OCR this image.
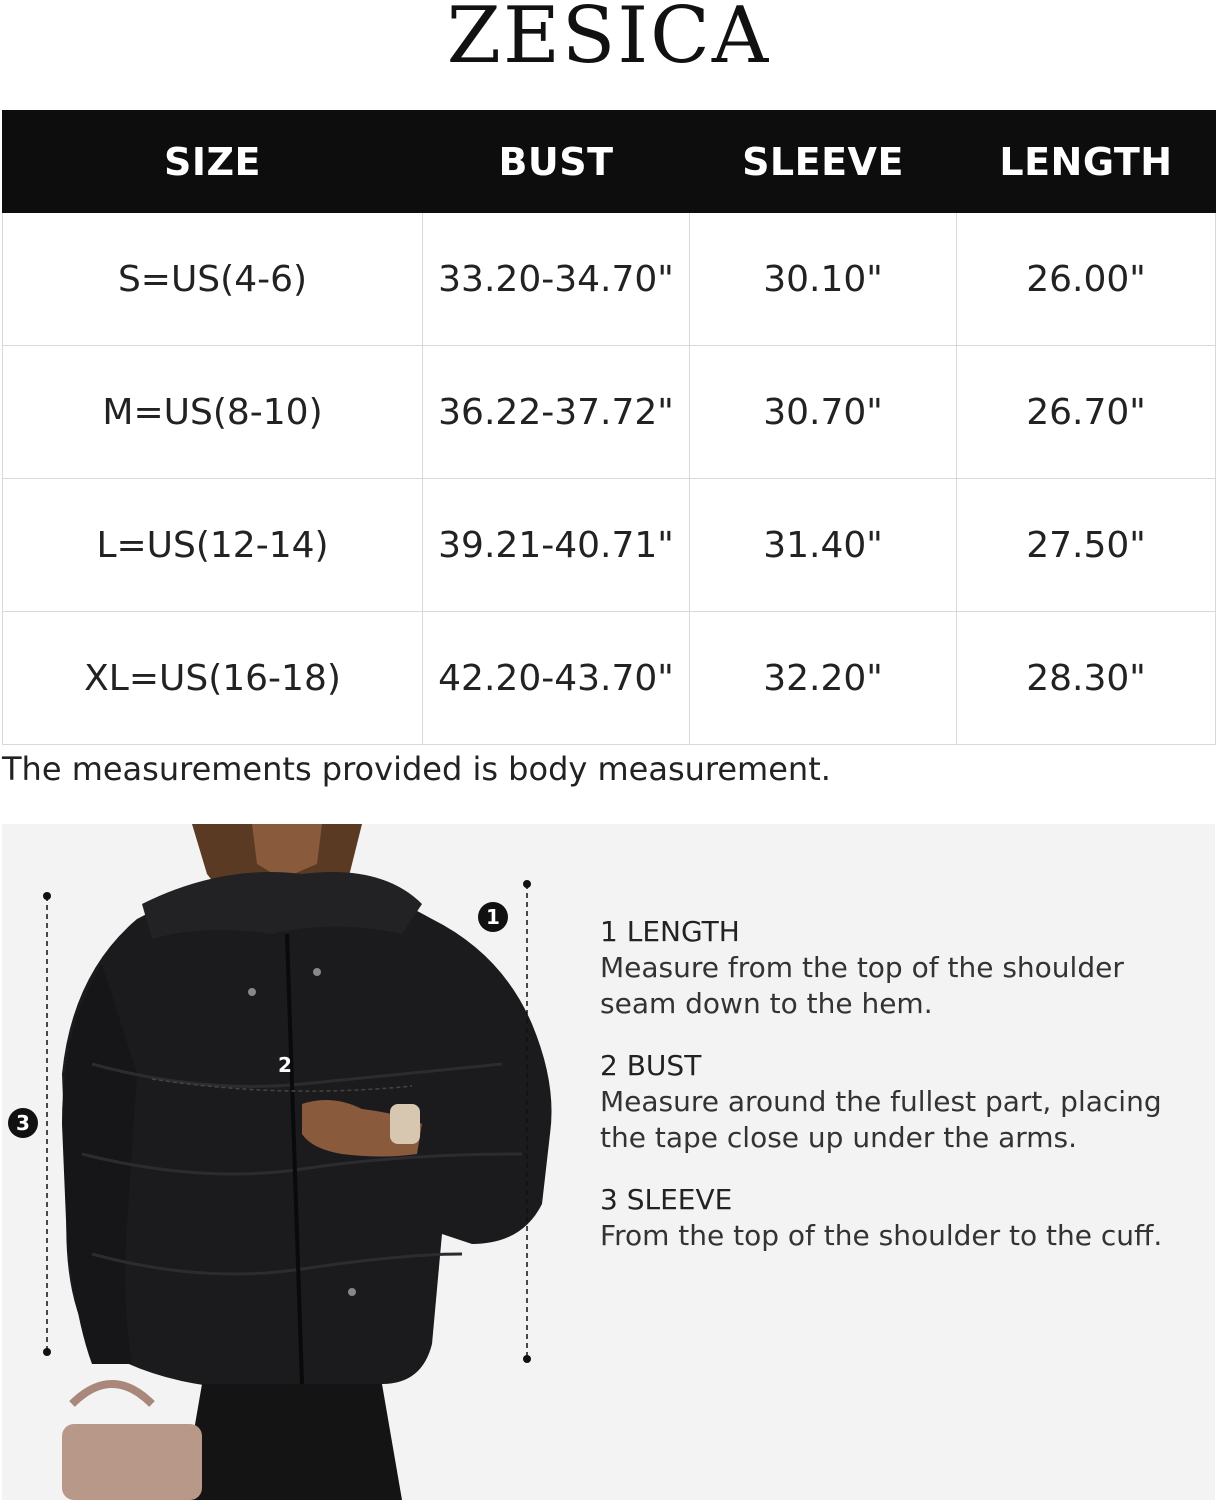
ZESICA
SIZE	BUST	SLEEVE	LENGTH
S=US(4-6)	33.20-34.70"	30.10"	26.00"
M=US(8-10)	36.22-37.72"	30.70"	26.70"
L=US(12-14)	39.21-40.71"	31.40"	27.50"
XL=US(16-18)	42.20-43.70"	32.20"	28.30"
The measurements provided is body measurement.
1
2
3
1 LENGTH
Measure from the top of the shoulder seam down to the hem.
2 BUST
Measure around the fullest part, placing the tape close up under the arms.
3 SLEEVE
From the top of the shoulder to the cuff.
